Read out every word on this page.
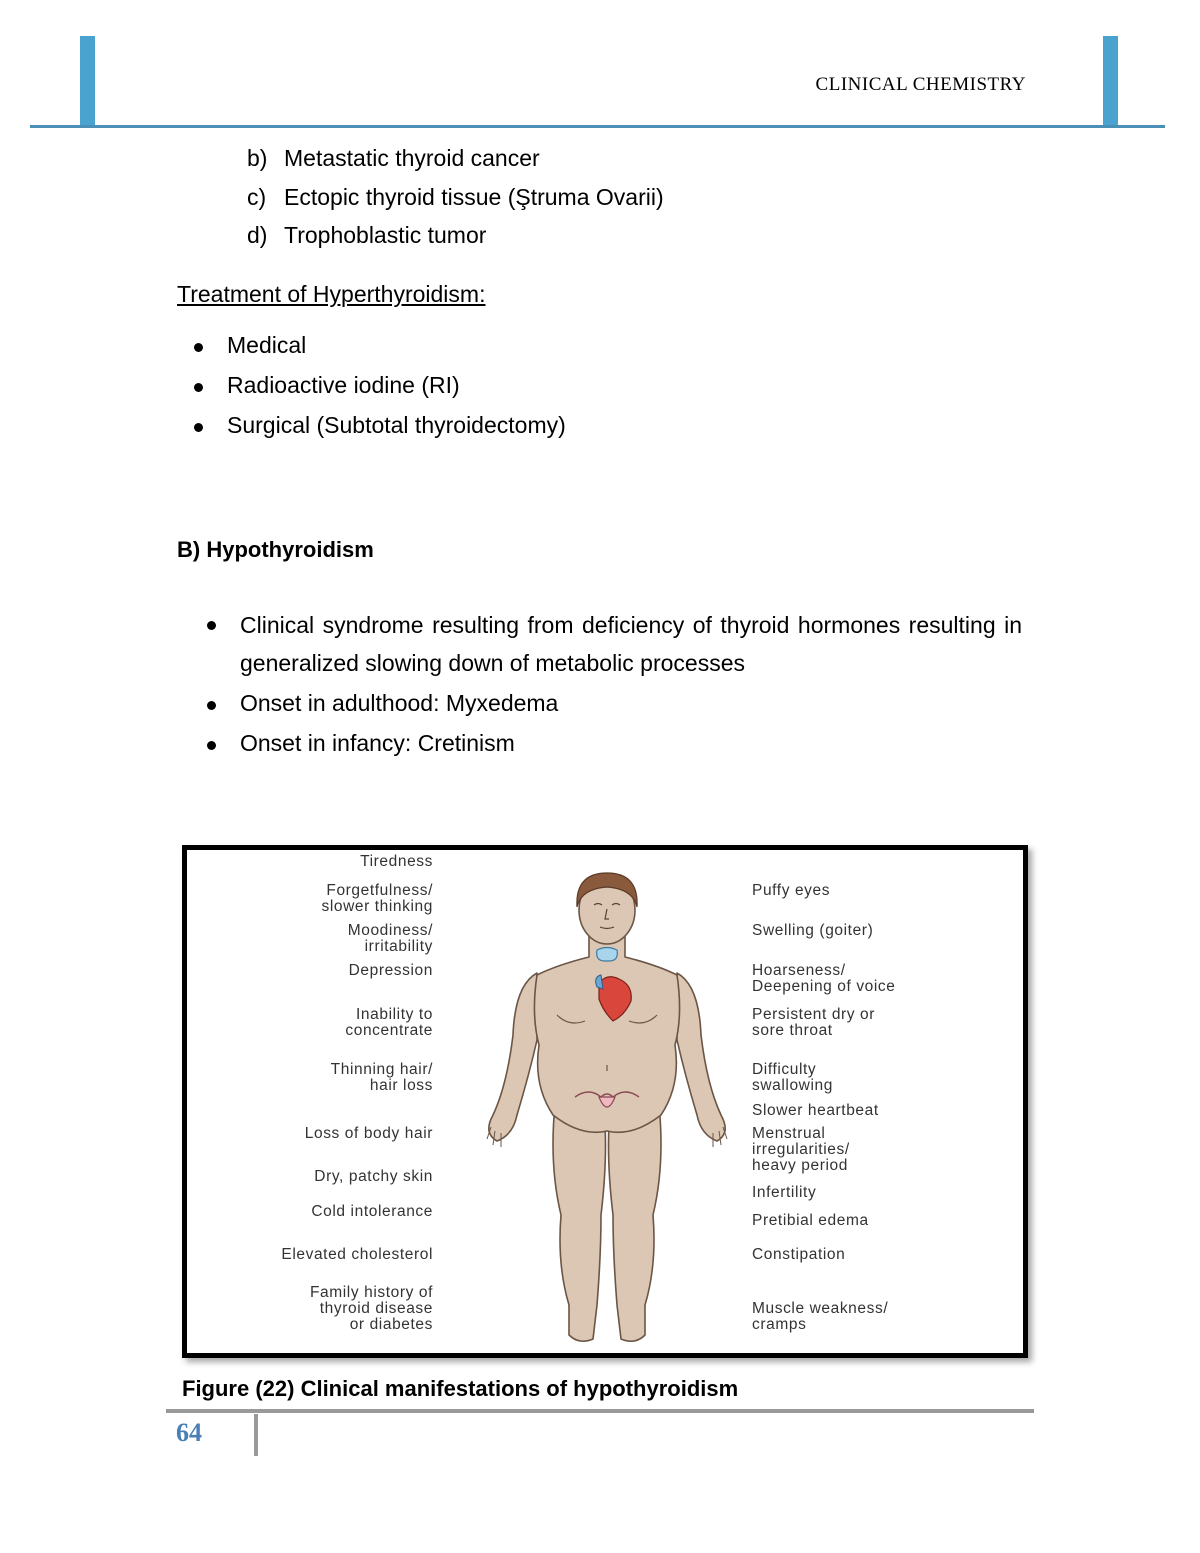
CLINICAL CHEMISTRY
b) Metastatic thyroid cancer
c) Ectopic thyroid tissue (Ştruma Ovarii)
d) Trophoblastic tumor
Treatment of Hyperthyroidism:
Medical
Radioactive iodine (RI)
Surgical (Subtotal thyroidectomy)
B) Hypothyroidism
Clinical syndrome resulting from deficiency of thyroid hormones resulting in generalized slowing down of metabolic processes
Onset in adulthood: Myxedema
Onset in infancy: Cretinism
Tiredness
Forgetfulness/
slower thinking
Moodiness/
irritability
Depression
Inability to
concentrate
Thinning hair/
hair loss
Loss of body hair
Dry, patchy skin
Cold intolerance
Elevated cholesterol
Family history of
thyroid disease
or diabetes
Puffy eyes
Swelling (goiter)
Hoarseness/
Deepening of voice
Persistent dry or
sore throat
Difficulty
swallowing
Slower heartbeat
Menstrual
irregularities/
heavy period
Infertility
Pretibial edema
Constipation
Muscle weakness/
cramps
Figure (22) Clinical manifestations of hypothyroidism
64
